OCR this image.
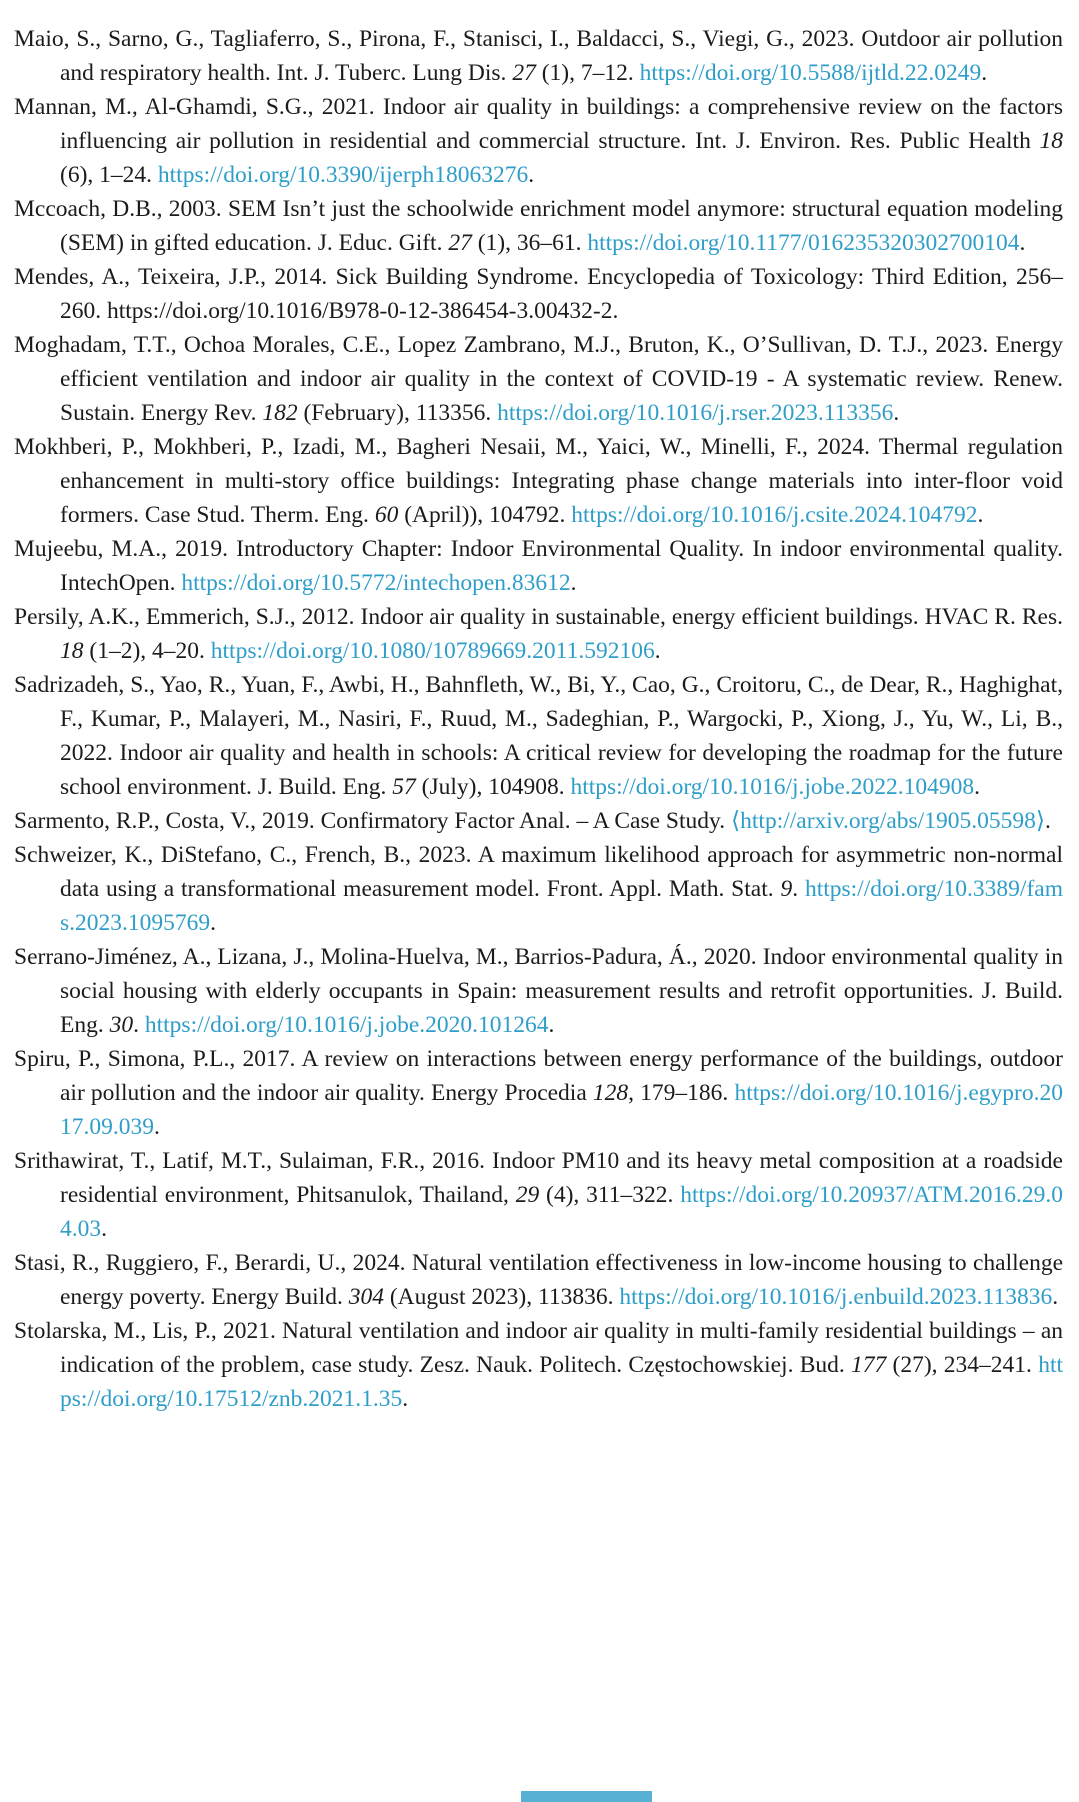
Maio, S., Sarno, G., Tagliaferro, S., Pirona, F., Stanisci, I., Baldacci, S., Viegi, G., 2023. Outdoor air pollution and respiratory health. Int. J. Tuberc. Lung Dis. 27 (1), 7–12. https://doi.org/10.5588/ijtld.22.0249.

Mannan, M., Al-Ghamdi, S.G., 2021. Indoor air quality in buildings: a comprehensive review on the factors influencing air pollution in residential and commercial structure. Int. J. Environ. Res. Public Health 18 (6), 1–24. https://doi.org/10.3390/ijerph18063276.

Mccoach, D.B., 2003. SEM Isn’t just the schoolwide enrichment model anymore: structural equation modeling (SEM) in gifted education. J. Educ. Gift. 27 (1), 36–61. https://doi.org/10.1177/016235320302700104.

Mendes, A., Teixeira, J.P., 2014. Sick Building Syndrome. Encyclopedia of Toxicology: Third Edition, 256–260. https://doi.org/10.1016/B978-0-12-386454-3.00432-2.

Moghadam, T.T., Ochoa Morales, C.E., Lopez Zambrano, M.J., Bruton, K., O’Sullivan, D. T.J., 2023. Energy efficient ventilation and indoor air quality in the context of COVID-19 - A systematic review. Renew. Sustain. Energy Rev. 182 (February), 113356. https://doi.org/10.1016/j.rser.2023.113356.

Mokhberi, P., Mokhberi, P., Izadi, M., Bagheri Nesaii, M., Yaici, W., Minelli, F., 2024. Thermal regulation enhancement in multi-story office buildings: Integrating phase change materials into inter-floor void formers. Case Stud. Therm. Eng. 60 (April)), 104792. https://doi.org/10.1016/j.csite.2024.104792.

Mujeebu, M.A., 2019. Introductory Chapter: Indoor Environmental Quality. In indoor environmental quality. IntechOpen. https://doi.org/10.5772/intechopen.83612.

Persily, A.K., Emmerich, S.J., 2012. Indoor air quality in sustainable, energy efficient buildings. HVAC R. Res. 18 (1–2), 4–20. https://doi.org/10.1080/10789669.2011.592106.

Sadrizadeh, S., Yao, R., Yuan, F., Awbi, H., Bahnfleth, W., Bi, Y., Cao, G., Croitoru, C., de Dear, R., Haghighat, F., Kumar, P., Malayeri, M., Nasiri, F., Ruud, M., Sadeghian, P., Wargocki, P., Xiong, J., Yu, W., Li, B., 2022. Indoor air quality and health in schools: A critical review for developing the roadmap for the future school environment. J. Build. Eng. 57 (July), 104908. https://doi.org/10.1016/j.jobe.2022.104908.

Sarmento, R.P., Costa, V., 2019. Confirmatory Factor Anal. – A Case Study. ⟨http://arxiv.org/abs/1905.05598⟩.

Schweizer, K., DiStefano, C., French, B., 2023. A maximum likelihood approach for asymmetric non-normal data using a transformational measurement model. Front. Appl. Math. Stat. 9. https://doi.org/10.3389/fams.2023.1095769.

Serrano-Jiménez, A., Lizana, J., Molina-Huelva, M., Barrios-Padura, Á., 2020. Indoor environmental quality in social housing with elderly occupants in Spain: measurement results and retrofit opportunities. J. Build. Eng. 30. https://doi.org/10.1016/j.jobe.2020.101264.

Spiru, P., Simona, P.L., 2017. A review on interactions between energy performance of the buildings, outdoor air pollution and the indoor air quality. Energy Procedia 128, 179–186. https://doi.org/10.1016/j.egypro.2017.09.039.

Srithawirat, T., Latif, M.T., Sulaiman, F.R., 2016. Indoor PM10 and its heavy metal composition at a roadside residential environment, Phitsanulok, Thailand, 29 (4), 311–322. https://doi.org/10.20937/ATM.2016.29.04.03.

Stasi, R., Ruggiero, F., Berardi, U., 2024. Natural ventilation effectiveness in low-income housing to challenge energy poverty. Energy Build. 304 (August 2023), 113836. https://doi.org/10.1016/j.enbuild.2023.113836.

Stolarska, M., Lis, P., 2021. Natural ventilation and indoor air quality in multi-family residential buildings – an indication of the problem, case study. Zesz. Nauk. Politech. Częstochowskiej. Bud. 177 (27), 234–241. https://doi.org/10.17512/znb.2021.1.35.
